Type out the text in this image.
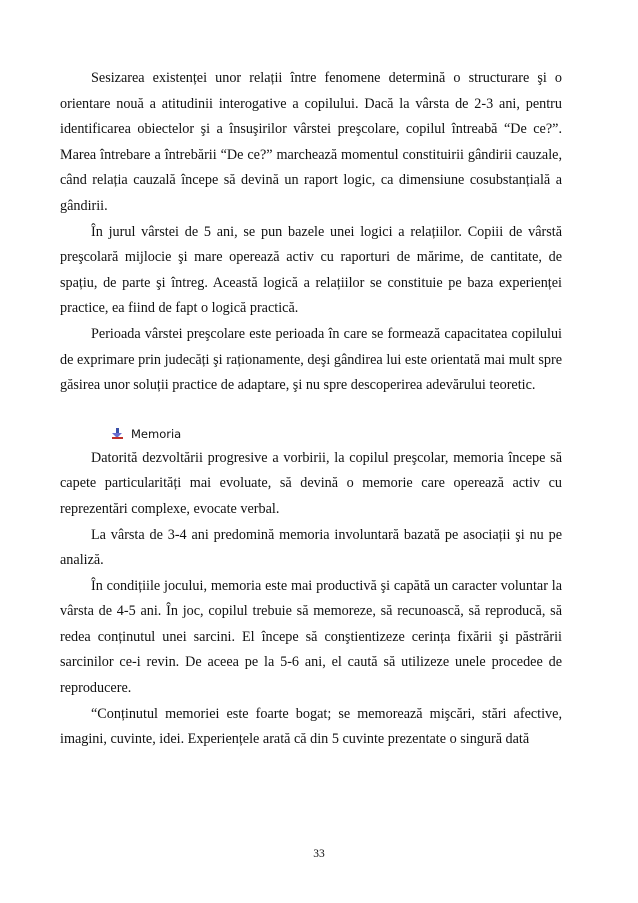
Sesizarea existenței unor relații între fenomene determină o structurare şi o orientare nouă a atitudinii interogative a copilului. Dacă la vârsta de 2-3 ani, pentru identificarea obiectelor şi a însuşirilor vârstei preşcolare, copilul întreabă “De ce?”. Marea întrebare a întrebării “De ce?” marchează momentul constituirii gândirii cauzale, când relația cauzală începe să devină un raport logic, ca dimensiune cosubstanțială a gândirii.

În jurul vârstei de 5 ani, se pun bazele unei logici a relațiilor. Copiii de vârstă preşcolară mijlocie şi mare operează activ cu raporturi de mărime, de cantitate, de spațiu, de parte şi întreg. Această logică a relațiilor se constituie pe baza experienței practice, ea fiind de fapt o logică practică.

Perioada vârstei preşcolare este perioada în care se formează capacitatea copilului de exprimare prin judecăți şi raționamente, deşi gândirea lui este orientată mai mult spre găsirea unor soluții practice de adaptare, şi nu spre descoperirea adevărului teoretic.

Memoria

Datorită dezvoltării progresive a vorbirii, la copilul preşcolar, memoria începe să capete particularități mai evoluate, să devină o memorie care operează activ cu reprezentări complexe, evocate verbal.

La vârsta de 3-4 ani predomină memoria involuntară bazată pe asociații şi nu pe analiză.

În condițiile jocului, memoria este mai productivă şi capătă un caracter voluntar la vârsta de 4-5 ani. În joc, copilul trebuie să memoreze, să recunoască, să reproducă, să redea conținutul unei sarcini. El începe să conştientizeze cerința fixării şi păstrării sarcinilor ce-i revin. De aceea pe la 5-6 ani, el caută să utilizeze unele procedee de reproducere.

“Conținutul memoriei este foarte bogat; se memorează mişcări, stări afective, imagini, cuvinte, idei. Experiențele arată că din 5 cuvinte prezentate o singură dată

33
